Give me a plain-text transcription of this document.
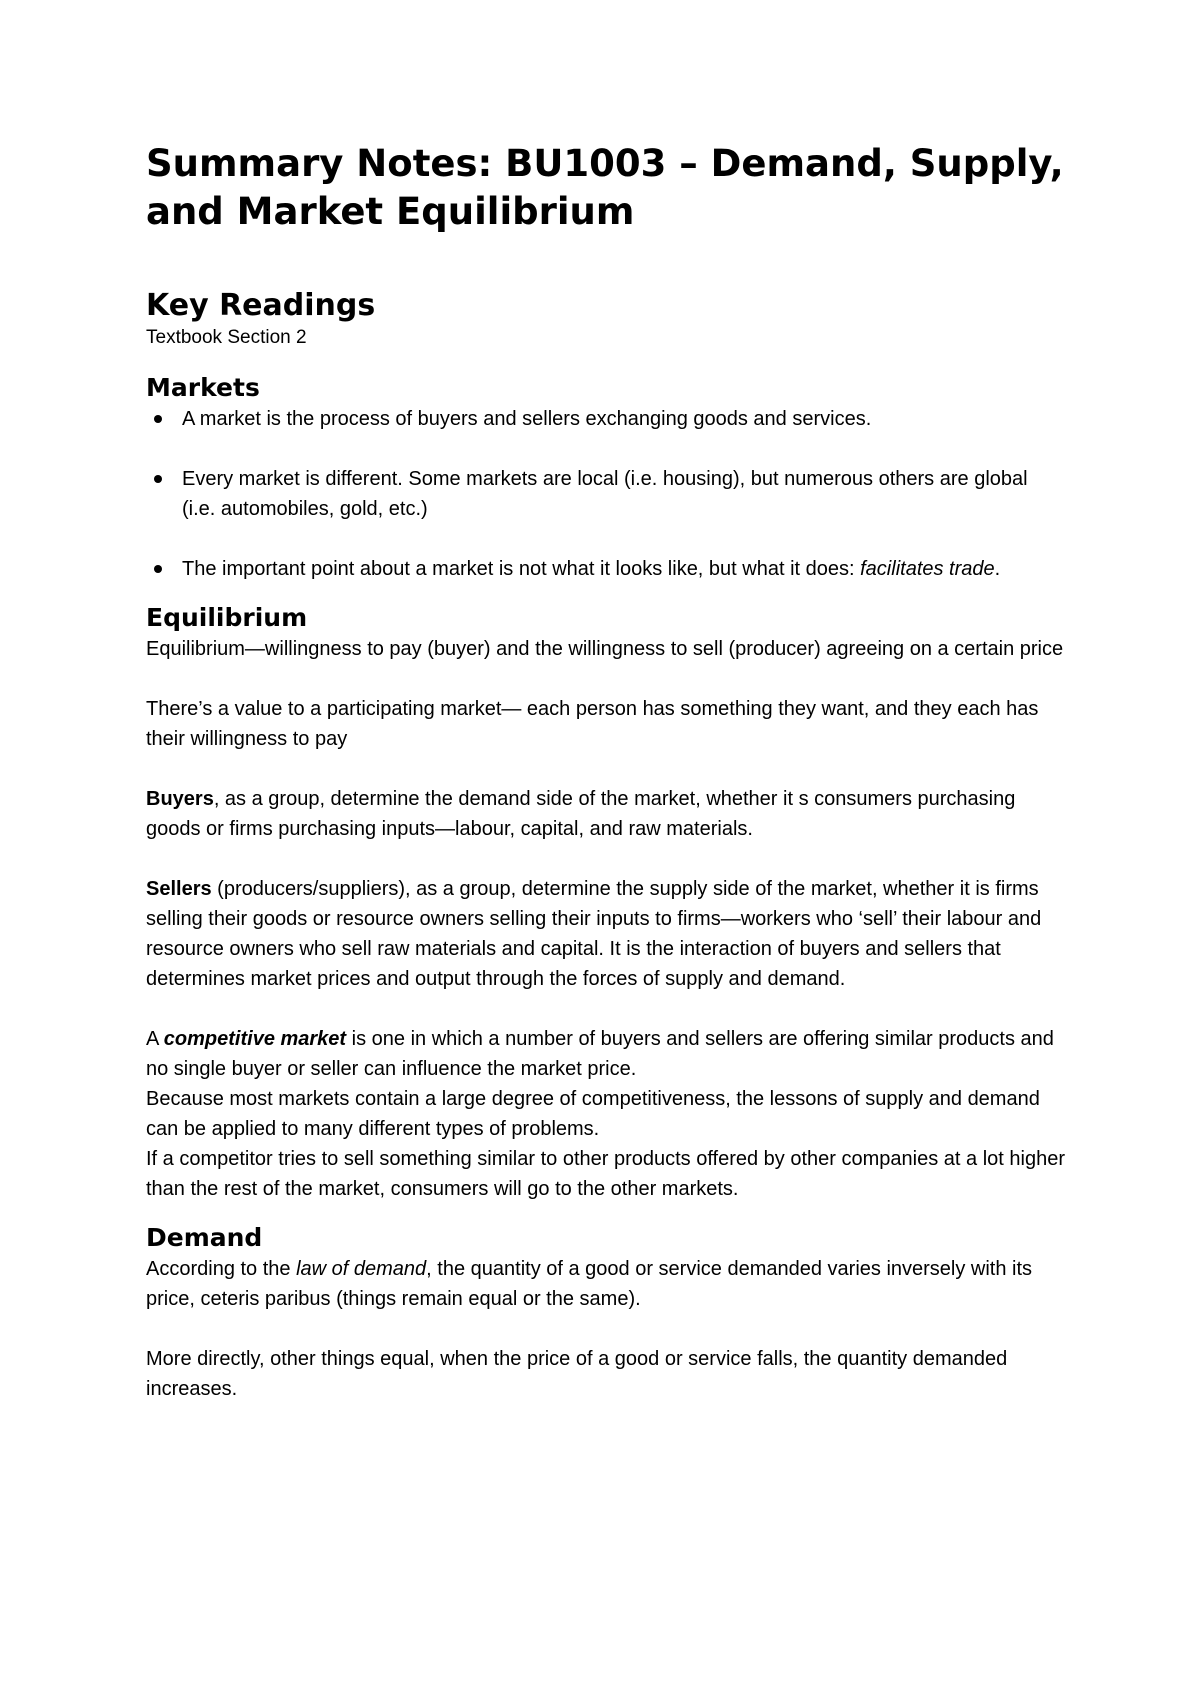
Summary Notes: BU1003 – Demand, Supply, and Market Equilibrium
Key Readings

Textbook Section 2

Markets
A market is the process of buyers and sellers exchanging goods and services.
Every market is different. Some markets are local (i.e. housing), but numerous others are global (i.e. automobiles, gold, etc.)
The important point about a market is not what it looks like, but what it does: facilitates trade.
Equilibrium

Equilibrium—willingness to pay (buyer) and the willingness to sell (producer) agreeing on a certain price

There’s a value to a participating market— each person has something they want, and they each has their willingness to pay

Buyers, as a group, determine the demand side of the market, whether it s consumers purchasing goods or firms purchasing inputs—labour, capital, and raw materials.

Sellers (producers/suppliers), as a group, determine the supply side of the market, whether it is firms selling their goods or resource owners selling their inputs to firms—workers who ‘sell’ their labour and resource owners who sell raw materials and capital. It is the interaction of buyers and sellers that determines market prices and output through the forces of supply and demand.

A competitive market is one in which a number of buyers and sellers are offering similar products and no single buyer or seller can influence the market price.

Because most markets contain a large degree of competitiveness, the lessons of supply and demand can be applied to many different types of problems.

If a competitor tries to sell something similar to other products offered by other companies at a lot higher than the rest of the market, consumers will go to the other markets.

Demand

According to the law of demand, the quantity of a good or service demanded varies inversely with its price, ceteris paribus (things remain equal or the same).

More directly, other things equal, when the price of a good or service falls, the quantity demanded increases.
